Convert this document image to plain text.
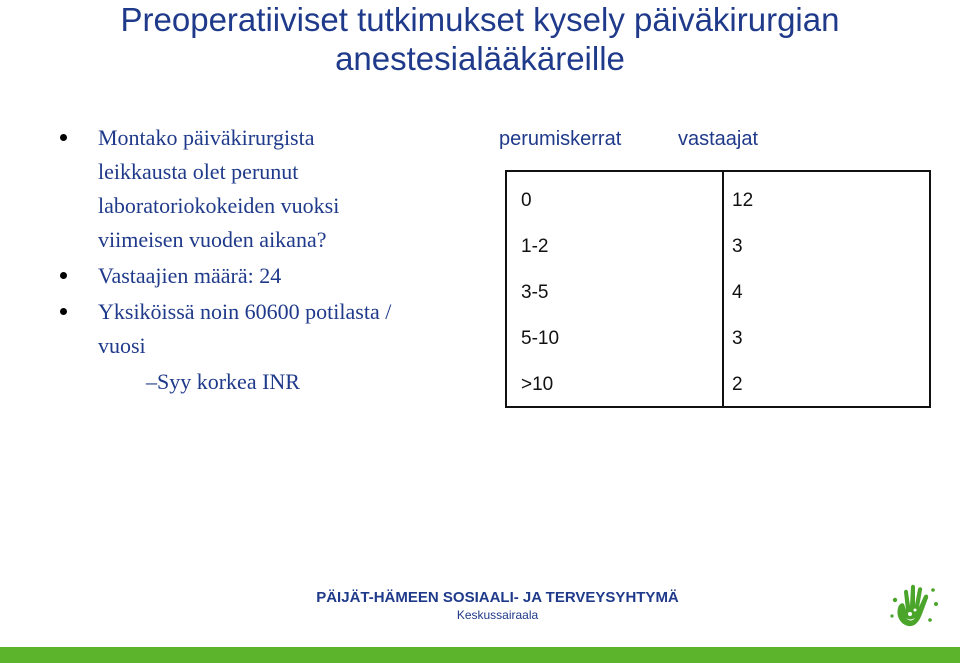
Preoperatiiviset tutkimukset kysely päiväkirurgian
anestesialääkäreille
Montako päiväkirurgista
leikkausta olet perunut
laboratoriokokeiden vuoksi
viimeisen vuoden aikana?
Vastaajien määrä: 24
Yksiköissä noin 60600 potilasta /
vuosi
–Syy korkea INR
perumiskerrat	vastaajat
0	12
1-2	3
3-5	4
5-10	3
>10	2
PÄIJÄT-HÄMEEN SOSIAALI- JA TERVEYSYHTYMÄ
Keskussairaala
